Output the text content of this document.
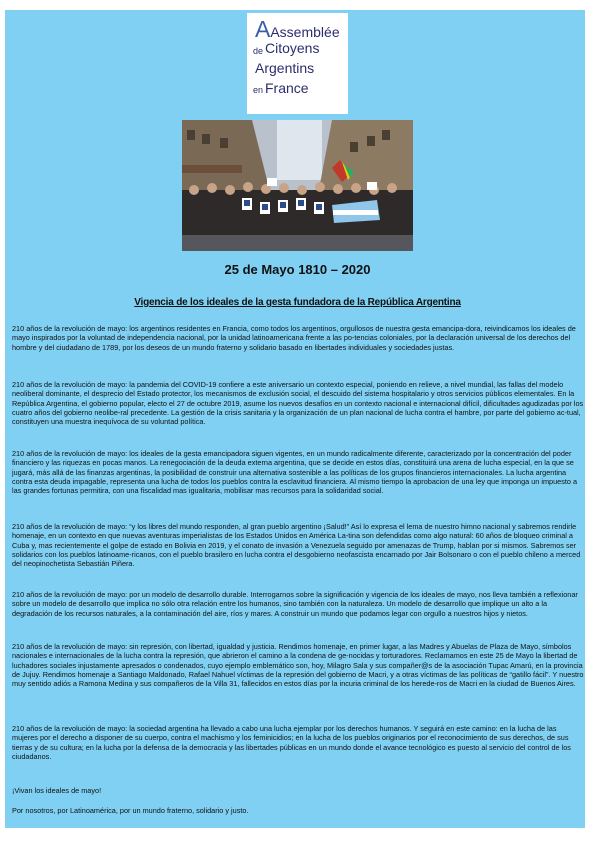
AAssemblée
de Citoyens
Argentins
en France
25 de Mayo 1810 – 2020
Vigencia de los ideales de la gesta fundadora de la República Argentina

210 años de la revolución de mayo: los argentinos residentes en Francia, como todos los argentinos, orgullosos de nuestra gesta emancipa-dora, reivindicamos los ideales de mayo inspirados por la voluntad de independencia nacional, por la unidad latinoamericana frente a las po-tencias coloniales, por la declaración universal de los derechos del hombre y del ciudadano de 1789, por los deseos de un mundo fraterno y solidario basado en libertades individuales y sociedades justas.

210 años de la revolución de mayo: la pandemia del COVID-19 confiere a este aniversario un contexto especial, poniendo en relieve, a nivel mundial, las fallas del modelo neoliberal dominante, el desprecio del Estado protector, los mecanismos de exclusión social, el descuido del sistema hospitalario y otros servicios públicos elementales. En la República Argentina, el gobierno popular, electo el 27 de octubre 2019, asume los nuevos desafíos en un contexto nacional e internacional difícil, dificultades agudizadas por los cuatro años del gobierno neolibe-ral precedente. La gestión de la crisis sanitaria y la organización de un plan nacional de lucha contra el hambre, por parte del gobierno ac-tual, constituyen una muestra inequívoca de su voluntad política.

210 años de la revolución de mayo: los ideales de la gesta emancipadora siguen vigentes, en un mundo radicalmente diferente, caracterizado por la concentración del poder financiero y las riquezas en pocas manos. La renegociación de la deuda externa argentina, que se decide en estos días, constituirá una arena de lucha especial, en la que se jugará, más allá de las finanzas argentinas, la posibilidad de construir una alternativa sostenible a las políticas de los grupos financieros internacionales. La lucha argentina contra esta deuda impagable, representa una lucha de todos los pueblos contra la esclavitud financiera. Al mismo tiempo la aprobacion de una ley que imponga un impuesto a las grandes fortunas permitira, con una fiscalidad mas igualitaria, mobilisar mas recursos para la solidaridad social.

210 años de la revolución de mayo: “y los libres del mundo responden, al gran pueblo argentino ¡Salud!” Así lo expresa el lema de nuestro himno nacional y sabremos rendirle homenaje, en un contexto en que nuevas aventuras imperialistas de los Estados Unidos en América La-tina son defendidas como algo natural: 60 años de bloqueo criminal a Cuba y, mas recientemente el golpe de estado en Bolivia en 2019, y el conato de invasión a Venezuela seguido por amenazas de Trump, hablan por si mismos. Sabremos ser solidarios con los pueblos latinoame-ricanos, con el pueblo brasilero en lucha contra el desgobierno neofascista encarnado por Jair Bolsonaro o con el pueblo chileno a merced del neopinochetista Sebastián Piñera.

210 años de la revolución de mayo: por un modelo de desarrollo durable. Interrogarnos sobre la significación y vigencia de los ideales de mayo, nos lleva también a reflexionar sobre un modelo de desarrollo que implica no sólo otra relación entre los humanos, sino también con la naturaleza. Un modelo de desarrollo que implique un alto a la degradación de los recursos naturales, a la contaminación del aire, ríos y mares. A construir un mundo que podamos legar con orgullo a nuestros hijos y nietos.

210 años de la revolución de mayo: sin represión, con libertad, igualdad y justicia. Rendimos homenaje, en primer lugar, a las Madres y Abuelas de Plaza de Mayo, símbolos nacionales e internacionales de la lucha contra la represión, que abrieron el camino a la condena de ge-nocidas y torturadores. Reclamamos en este 25 de Mayo la libertad de luchadores sociales injustamente apresados o condenados, cuyo ejemplo emblemático son, hoy, Milagro Sala y sus compañer@s de la asociación Tupac Amarú, en la provincia de Jujuy. Rendimos homenaje a Santiago Maldonado, Rafael Nahuel víctimas de la represión del gobierno de Macri, y a otras víctimas de las políticas de “gatillo fácil”. Y nuestro muy sentido adiós a Ramona Medina y sus compañeros de la Villa 31, fallecidos en estos días por la incuria criminal de los herede-ros de Macri en la ciudad de Buenos Aires.

210 años de la revolución de mayo: la sociedad argentina ha llevado a cabo una lucha ejemplar por los derechos humanos. Y seguirá en este camino: en la lucha de las mujeres por el derecho a disponer de su cuerpo, contra el machismo y los feminicidios; en la lucha de los pueblos originarios por el reconocimiento de sus derechos, de sus tierras y de su cultura; en la lucha por la defensa de la democracia y las libertades públicas en un mundo donde el avance tecnológico es puesto al servicio del control de los ciudadanos.

¡Vivan los ideales de mayo!
Por nosotros, por Latinoamérica, por un mundo fraterno, solidario y justo.
